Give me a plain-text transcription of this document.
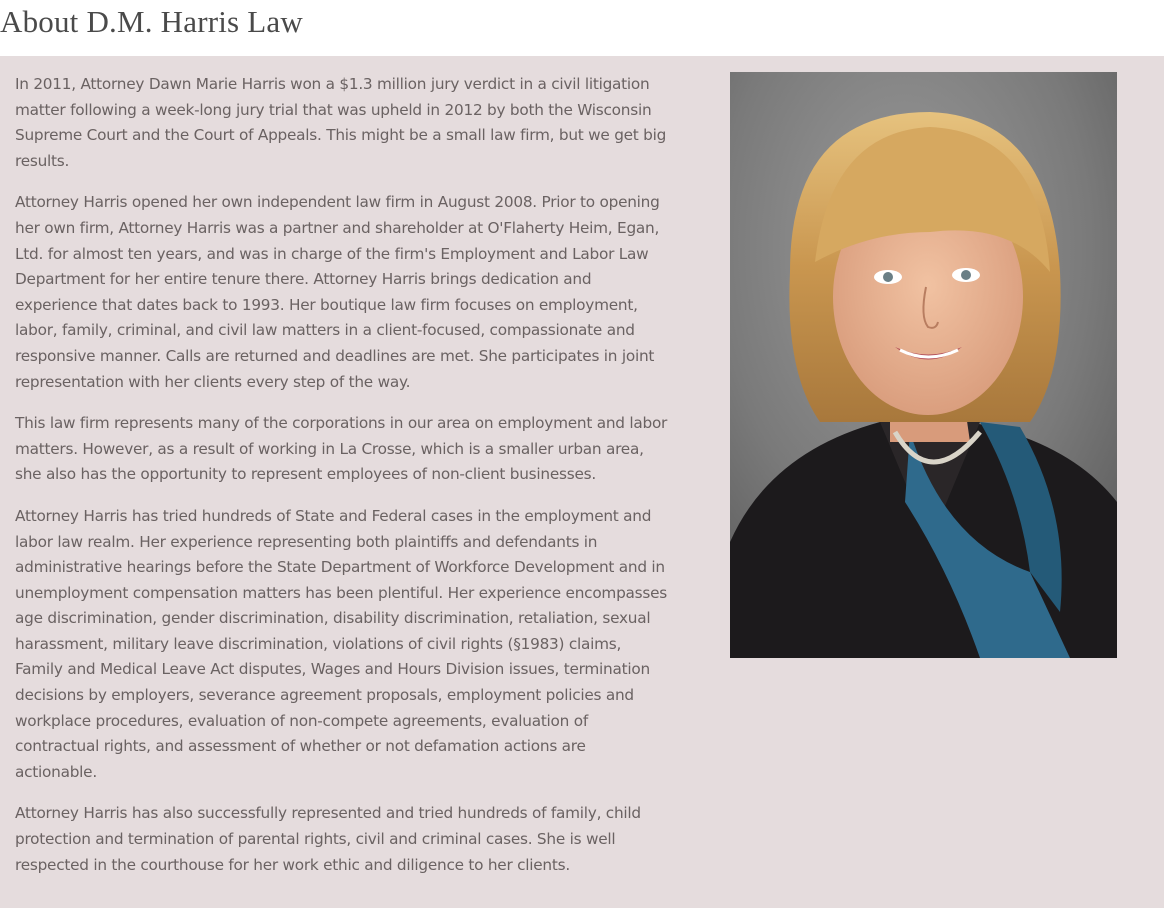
About D.M. Harris Law

In 2011, Attorney Dawn Marie Harris won a $1.3 million jury verdict in a civil litigation matter following a week-long jury trial that was upheld in 2012 by both the Wisconsin Supreme Court and the Court of Appeals. This might be a small law firm, but we get big results.

Attorney Harris opened her own independent law firm in August 2008. Prior to opening her own firm, Attorney Harris was a partner and shareholder at O'Flaherty Heim, Egan, Ltd. for almost ten years, and was in charge of the firm's Employment and Labor Law Department for her entire tenure there. Attorney Harris brings dedication and experience that dates back to 1993. Her boutique law firm focuses on employment, labor, family, criminal, and civil law matters in a client-focused, compassionate and responsive manner. Calls are returned and deadlines are met. She participates in joint representation with her clients every step of the way.

This law firm represents many of the corporations in our area on employment and labor matters. However, as a result of working in La Crosse, which is a smaller urban area, she also has the opportunity to represent employees of non-client businesses.

Attorney Harris has tried hundreds of State and Federal cases in the employment and labor law realm. Her experience representing both plaintiffs and defendants in administrative hearings before the State Department of Workforce Development and in unemployment compensation matters has been plentiful. Her experience encompasses age discrimination, gender discrimination, disability discrimination, retaliation, sexual harassment, military leave discrimination, violations of civil rights (§1983) claims, Family and Medical Leave Act disputes, Wages and Hours Division issues, termination decisions by employers, severance agreement proposals, employment policies and workplace procedures, evaluation of non-compete agreements, evaluation of contractual rights, and assessment of whether or not defamation actions are actionable.

Attorney Harris has also successfully represented and tried hundreds of family, child protection and termination of parental rights, civil and criminal cases. She is well respected in the courthouse for her work ethic and diligence to her clients.
